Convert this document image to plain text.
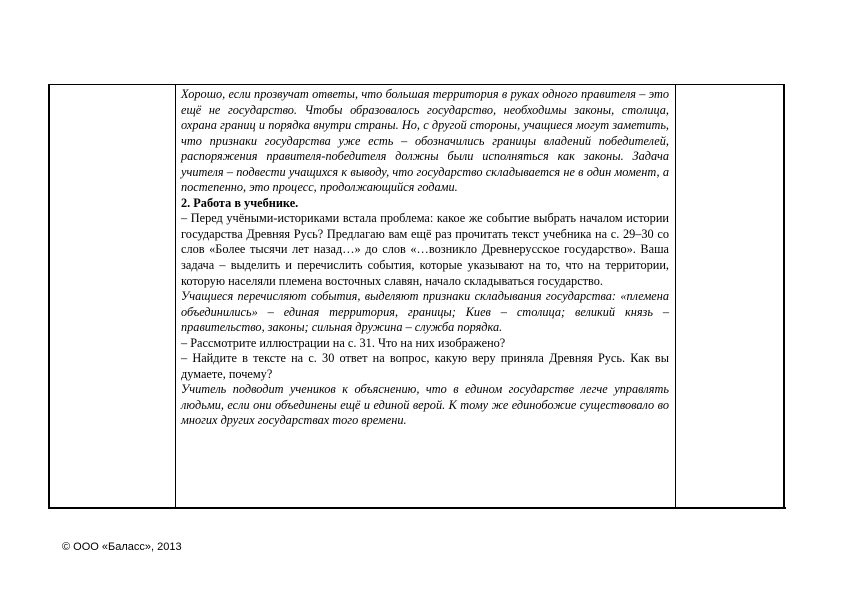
Хорошо, если прозвучат ответы, что большая территория в руках одного правителя – это ещё не государство. Чтобы образовалось государство, необходимы законы, столица, охрана границ и порядка внутри страны. Но, с другой стороны, учащиеся могут заметить, что признаки государства уже есть – обозначились границы владений победителей, распоряжения правителя-победителя должны были исполняться как законы. Задача учителя – подвести учащихся к выводу, что государство складывается не в один момент, а постепенно, это процесс, продолжающийся годами.

2. Работа в учебнике.

– Перед учёными-историками встала проблема: какое же событие выбрать началом истории государства Древняя Русь? Предлагаю вам ещё раз прочитать текст учебника на с. 29–30 со слов «Более тысячи лет назад…» до слов «…возникло Древнерусское государство». Ваша задача – выделить и перечислить события, которые указывают на то, что на территории, которую населяли племена восточных славян, начало складываться государство.

Учащиеся перечисляют события, выделяют признаки складывания государства: «племена объединились» – единая территория, границы; Киев – столица; великий князь – правительство, законы; сильная дружина – служба порядка.

– Рассмотрите иллюстрации на с. 31. Что на них изображено?

– Найдите в тексте на с. 30 ответ на вопрос, какую веру приняла Древняя Русь. Как вы думаете, почему?

Учитель подводит учеников к объяснению, что в едином государстве легче управлять людьми, если они объединены ещё и единой верой. К тому же единобожие существовало во многих других государствах того времени.

© ООО «Баласс», 2013
